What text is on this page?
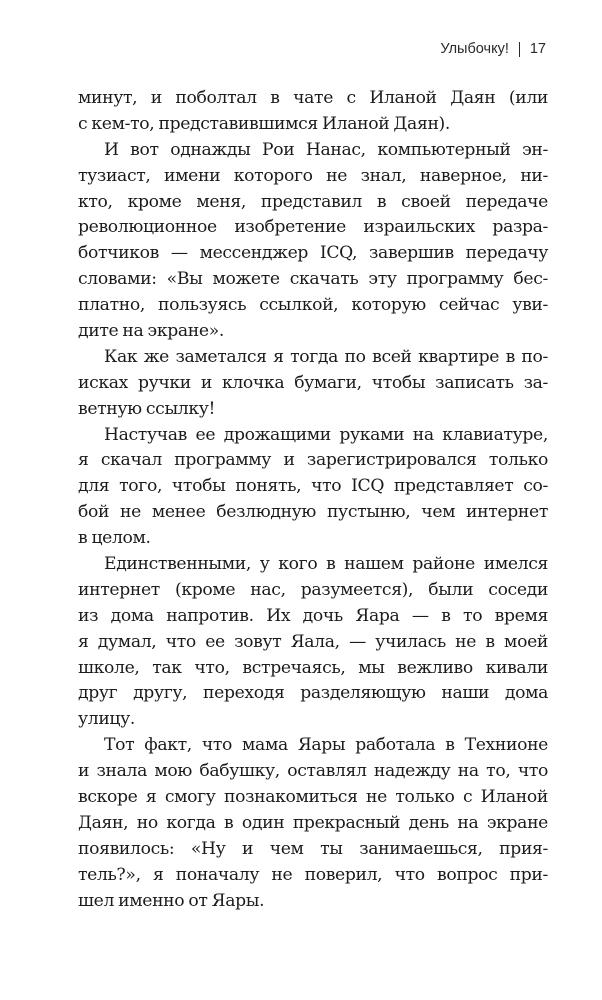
Улыбочку! 17
минут, и поболтал в чате с Иланой Даян (или
с кем-то, представившимся Иланой Даян).
И вот однажды Рои Нанас, компьютерный эн-
тузиаст, имени которого не знал, наверное, ни-
кто, кроме меня, представил в своей передаче
революционное изобретение израильских разра-
ботчиков — мессенджер ICQ, завершив передачу
словами: «Вы можете скачать эту программу бес-
платно, пользуясь ссылкой, которую сейчас уви-
дите на экране».
Как же заметался я тогда по всей квартире в по-
исках ручки и клочка бумаги, чтобы записать за-
ветную ссылку!
Настучав ее дрожащими руками на клавиатуре,
я скачал программу и зарегистрировался только
для того, чтобы понять, что ICQ представляет со-
бой не менее безлюдную пустыню, чем интернет
в целом.
Единственными, у кого в нашем районе имелся
интернет (кроме нас, разумеется), были соседи
из дома напротив. Их дочь Яара — в то время
я думал, что ее зовут Яала, — училась не в моей
школе, так что, встречаясь, мы вежливо кивали
друг другу, переходя разделяющую наши дома
улицу.
Тот факт, что мама Яары работала в Технионе
и знала мою бабушку, оставлял надежду на то, что
вскоре я смогу познакомиться не только с Иланой
Даян, но когда в один прекрасный день на экране
появилось: «Ну и чем ты занимаешься, прия-
тель?», я поначалу не поверил, что вопрос при-
шел именно от Яары.
